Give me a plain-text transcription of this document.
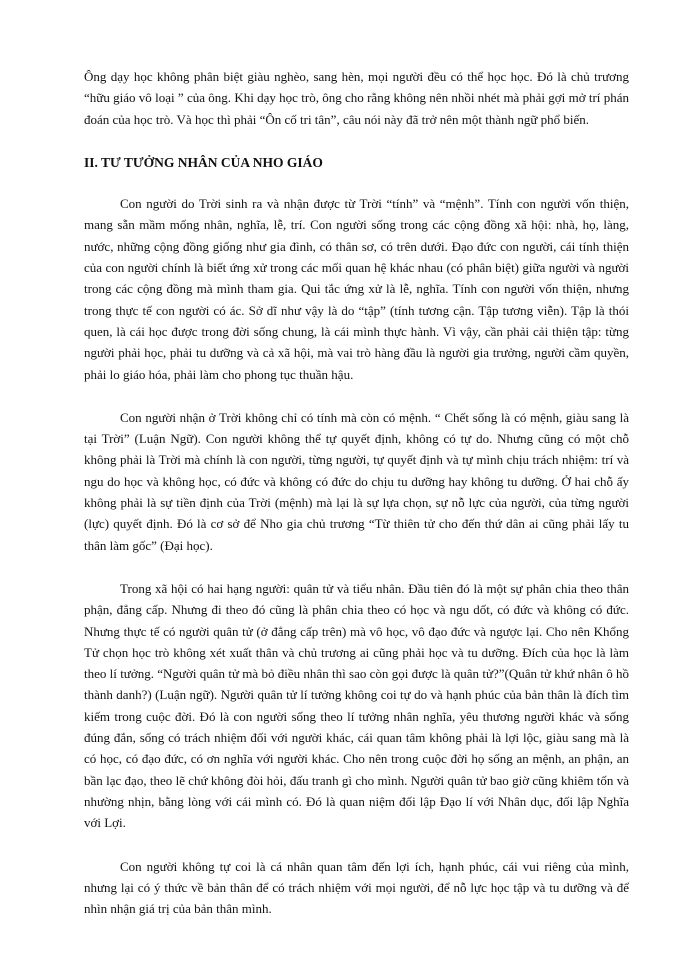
Ông dạy học không phân biệt giàu nghèo, sang hèn, mọi người đều có thể học học. Đó là chủ trương “hữu giáo vô loại ” của ông. Khi dạy học trò, ông cho rằng không nên nhồi nhét mà phải gợi mở trí phán đoán của học trò. Và học thì phải “Ôn cố tri tân”, câu nói này đã trở nên một thành ngữ phổ biến.

II. TƯ TƯỞNG NHÂN CỦA NHO GIÁO

Con người do Trời sinh ra và nhận được từ Trời “tính” và “mệnh”. Tính con người vốn thiện, mang sẵn mầm mống nhân, nghĩa, lễ, trí. Con người sống trong các cộng đồng xã hội: nhà, họ, làng, nước, những cộng đồng giống như gia đình, có thân sơ, có trên dưới. Đạo đức con người, cái tính thiện của con người chính là biết ứng xử trong các mối quan hệ khác nhau (có phân biệt) giữa người và người trong các cộng đồng mà mình tham gia. Qui tắc ứng xử là lễ, nghĩa. Tính con người vốn thiện, nhưng trong thực tế con người có ác. Sở dĩ như vậy là do “tập” (tính tương cận. Tập tương viễn). Tập là thói quen, là cái học được trong đời sống chung, là cái mình thực hành. Vì vậy, cần phải cải thiện tập: từng người phải học, phải tu dưỡng và cả xã hội, mà vai trò hàng đầu là người gia trưởng, người cầm quyền, phải lo giáo hóa, phải làm cho phong tục thuần hậu.

Con người nhận ở Trời không chỉ có tính mà còn có mệnh. “ Chết sống là có mệnh, giàu sang là tại Trời” (Luận Ngữ). Con người không thể tự quyết định, không có tự do. Nhưng cũng có một chỗ không phải là Trời mà chính là con người, từng người, tự quyết định và tự mình chịu trách nhiệm: trí và ngu do học và không học, có đức và không có đức do chịu tu dưỡng hay không tu dưỡng. Ở hai chỗ ấy không phải là sự tiền định của Trời (mệnh) mà lại là sự lựa chọn, sự nỗ lực của người, của từng người (lực) quyết định. Đó là cơ sở để Nho gia chủ trương “Từ thiên tử cho đến thứ dân ai cũng phải lấy tu thân làm gốc” (Đại học).

Trong xã hội có hai hạng người: quân tử và tiểu nhân. Đầu tiên đó là một sự phân chia theo thân phận, đẳng cấp. Nhưng đi theo đó cũng là phân chia theo có học và ngu dốt, có đức và không có đức. Nhưng thực tế có người quân tử (ở đẳng cấp trên) mà vô học, vô đạo đức và ngược lại. Cho nên Khổng Tử chọn học trò không xét xuất thân và chủ trương ai cũng phải học và tu dưỡng. Đích của học là làm theo lí tưởng. “Người quân tử mà bỏ điều nhân thì sao còn gọi được là quân tử?”(Quân tử khứ nhân ô hồ thành danh?) (Luận ngữ). Người quân tử lí tưởng không coi tự do và hạnh phúc của bản thân là đích tìm kiếm trong cuộc đời. Đó là con người sống theo lí tưởng nhân nghĩa, yêu thương người khác và sống đúng đắn, sống có trách nhiệm đối với người khác, cái quan tâm không phải là lợi lộc, giàu sang mà là có học, có đạo đức, có ơn nghĩa với người khác. Cho nên trong cuộc đời họ sống an mệnh, an phận, an bần lạc đạo, theo lẽ chứ không đòi hỏi, đấu tranh gì cho mình. Người quân tử bao giờ cũng khiêm tốn và nhường nhịn, bằng lòng với cái mình có. Đó là quan niệm đối lập Đạo lí với Nhân dục, đối lập Nghĩa với Lợi.

Con người không tự coi là cá nhân quan tâm đến lợi ích, hạnh phúc, cái vui riêng của mình, nhưng lại có ý thức về bản thân để có trách nhiệm với mọi người, để nỗ lực học tập và tu dưỡng và để nhìn nhận giá trị của bản thân mình.
